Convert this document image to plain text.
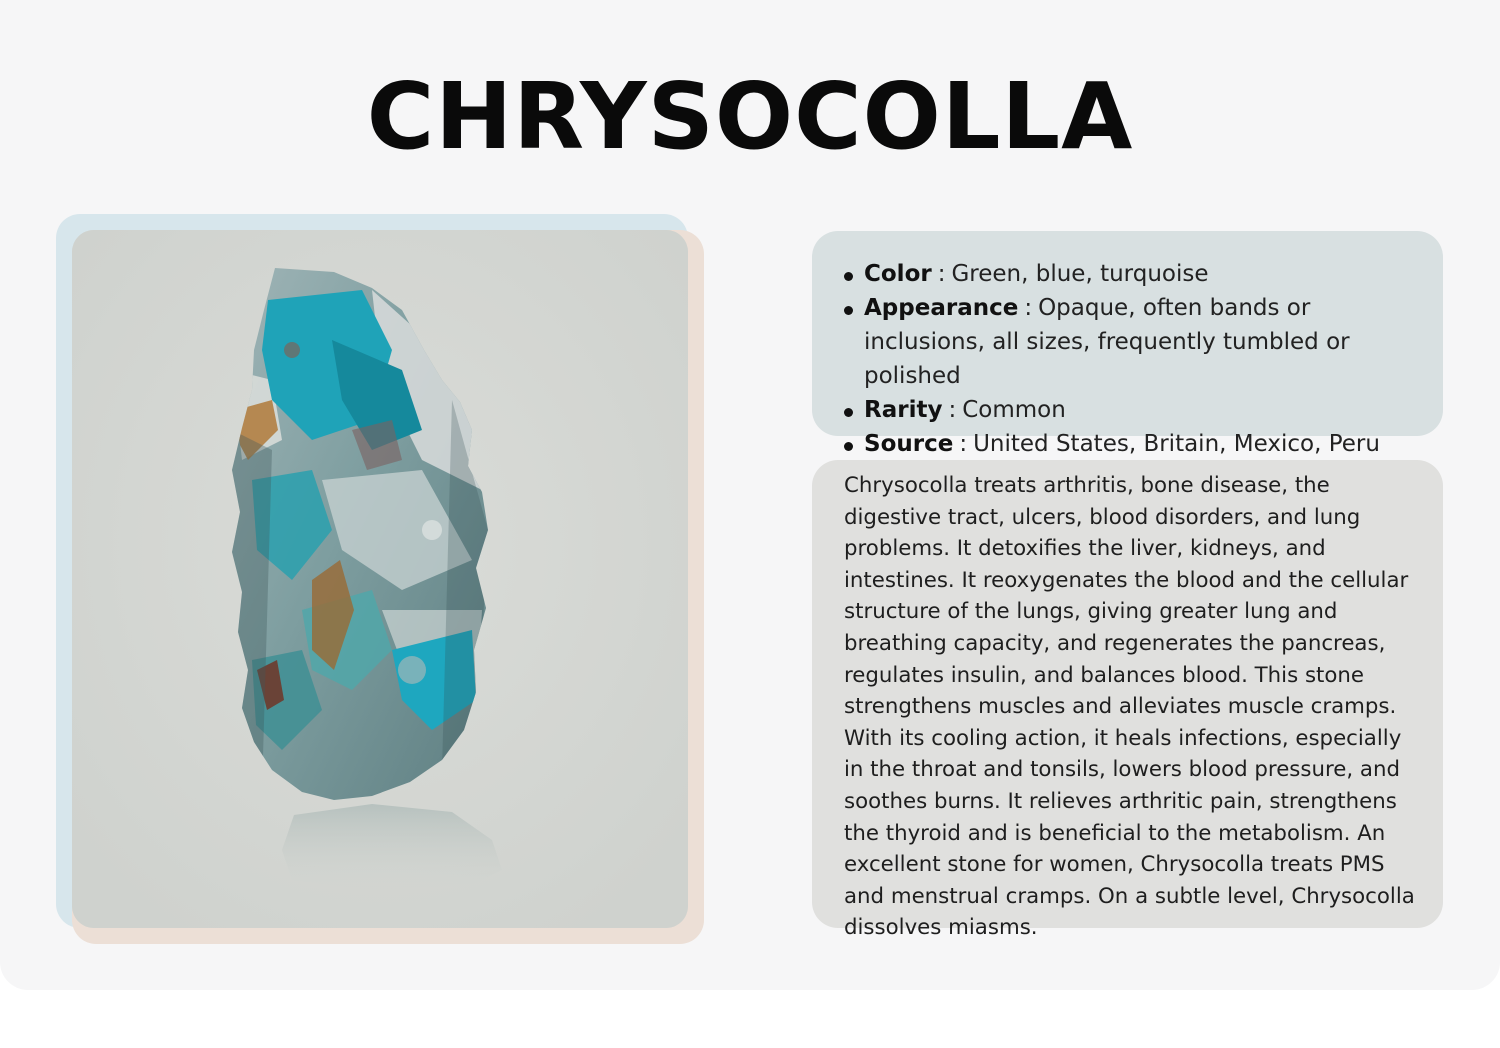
CHRYSOCOLLA
Color : Green, blue, turquoise
Appearance : Opaque, often bands or inclusions, all sizes, frequently tumbled or polished
Rarity : Common
Source : United States, Britain, Mexico, Peru

Chrysocolla treats arthritis, bone disease, the digestive tract, ulcers, blood disorders, and lung problems. It detoxifies the liver, kidneys, and intestines. It reoxygenates the blood and the cellular structure of the lungs, giving greater lung and breathing capacity, and regenerates the pancreas, regulates insulin, and balances blood. This stone strengthens muscles and alleviates muscle cramps. With its cooling action, it heals infections, especially in the throat and tonsils, lowers blood pressure, and soothes burns. It relieves arthritic pain, strengthens the thyroid and is beneficial to the metabolism. An excellent stone for women, Chrysocolla treats PMS and menstrual cramps. On a subtle level, Chrysocolla dissolves miasms.
